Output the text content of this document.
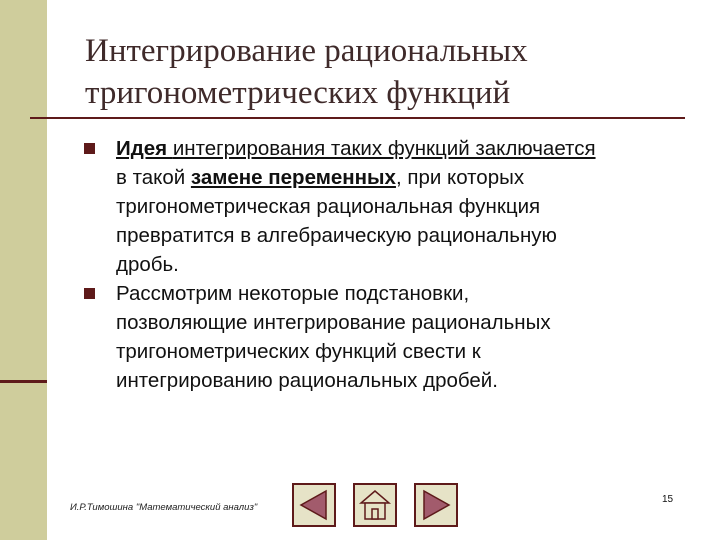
Интегрирование рациональных
тригонометрических функций
Идея интегрирования таких функций заключается
в такой замене переменных, при которых
тригонометрическая рациональная функция
превратится в алгебраическую рациональную
дробь.
Рассмотрим некоторые подстановки,
позволяющие интегрирование рациональных
тригонометрических функций свести к
интегрированию рациональных дробей.
И.Р.Тимошина "Математический анализ"
15
